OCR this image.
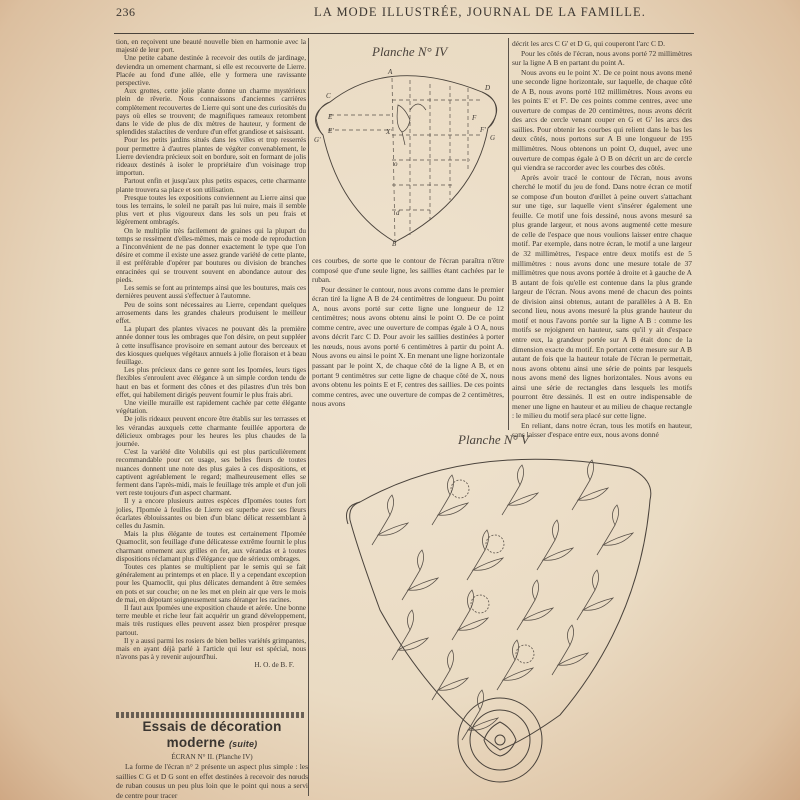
236	LA MODE ILLUSTRÉE, JOURNAL DE LA FAMILLE.

tion, en reçoivent une beauté nouvelle bien en harmonie avec la majesté de leur port.

Une petite cabane destinée à recevoir des outils de jardinage, deviendra un ornement charmant, si elle est recouverte de Lierre. Placée au fond d'une allée, elle y formera une ravissante perspective.

Aux grottes, cette jolie plante donne un charme mystérieux plein de rêverie. Nous connaissons d'anciennes carrières complètement recouvertes de Lierre qui sont une des curiosités du pays où elles se trouvent; de magnifiques rameaux retombent dans le vide de plus de dix mètres de hauteur, y forment de splendides stalactites de verdure d'un effet grandiose et saisissant.

Pour les petits jardins situés dans les villes et trop resserrés pour permettre à d'autres plantes de végéter convenablement, le Lierre deviendra précieux soit en bordure, soit en formant de jolis rideaux destinés à isoler le propriétaire d'un voisinage trop importun.

Partout enfin et jusqu'aux plus petits espaces, cette charmante plante trouvera sa place et son utilisation.

Presque toutes les expositions conviennent au Lierre ainsi que tous les terrains, le soleil ne paraît pas lui nuire, mais il semble plus vert et plus vigoureux dans les sols un peu frais et légèrement ombragés.

On le multiplie très facilement de graines qui la plupart du temps se ressèment d'elles-mêmes, mais ce mode de reproduction a l'inconvénient de ne pas donner exactement le type que l'on désire et comme il existe une assez grande variété de cette plante, il est préférable d'opérer par boutures ou division de branches enracinées qui se trouvent souvent en abondance autour des pieds.

Les semis se font au printemps ainsi que les boutures, mais ces dernières peuvent aussi s'effectuer à l'automne.

Peu de soins sont nécessaires au Lierre, cependant quelques arrosements dans les grandes chaleurs produisent le meilleur effet.

La plupart des plantes vivaces ne pouvant dès la première année donner tous les ombrages que l'on désire, on peut suppléer à cette insuffisance provisoire en semant autour des berceaux et des kiosques quelques végétaux annuels à jolie floraison et à beau feuillage.

Les plus précieux dans ce genre sont les Ipomées, leurs tiges flexibles s'enroulent avec élégance à un simple cordon tendu de haut en bas et forment des cônes et des pilastres d'un très bon effet, qui habilement dirigés peuvent fournir le plus frais abri.

Une vieille muraille est rapidement cachée par cette élégante végétation.

De jolis rideaux peuvent encore être établis sur les terrasses et les vérandas auxquels cette charmante feuillée apportera de délicieux ombrages pour les heures les plus chaudes de la journée.

C'est la variété dite Volubilis qui est plus particulièrement recommandable pour cet usage, ses belles fleurs de toutes nuances donnent une note des plus gaies à ces dispositions, et captivent agréablement le regard; malheureusement elles se ferment dans l'après-midi, mais le feuillage très ample et d'un joli vert reste toujours d'un aspect charmant.

Il y a encore plusieurs autres espèces d'Ipomées toutes fort jolies, l'Ipomée à feuilles de Lierre est superbe avec ses fleurs écarlates éblouissantes ou bien d'un blanc délicat ressemblant à celles du Jasmin.

Mais la plus élégante de toutes est certainement l'Ipomée Quamoclit, son feuillage d'une délicatesse extrême fournit le plus charmant ornement aux grilles en fer, aux vérandas et à toutes dispositions réclamant plus d'élégance que de sérieux ombrages.

Toutes ces plantes se multiplient par le semis qui se fait généralement au printemps et en place. Il y a cependant exception pour les Quamoclit, qui plus délicates demandent à être semées en pots et sur couche; on ne les met en plein air que vers le mois de mai, en dépotant soigneusement sans déranger les racines.

Il faut aux Ipomées une exposition chaude et aérée. Une bonne terre meuble et riche leur fait acquérir un grand développement, mais très rustiques elles peuvent assez bien prospérer presque partout.

Il y a aussi parmi les rosiers de bien belles variétés grimpantes, mais en ayant déjà parlé à l'article qui leur est spécial, nous n'avons pas à y revenir aujourd'hui.

H. O. de B. F.
Essais de décoration moderne (suite)
ÉCRAN N° II. (Planche IV)

La forme de l'écran n° 2 présente un aspect plus simple : les saillies C G et D G sont en effet destinées à recevoir des nœuds de ruban cousus un peu plus loin que le point qui nous a servi de centre pour tracer

ces courbes, de sorte que le contour de l'écran paraîtra n'être composé que d'une seule ligne, les saillies étant cachées par le ruban.

Pour dessiner le contour, nous avons comme dans le premier écran tiré la ligne A B de 24 centimètres de longueur. Du point A, nous avons porté sur cette ligne une longueur de 12 centimètres; nous avons obtenu ainsi le point O. De ce point comme centre, avec une ouverture de compas égale à O A, nous avons décrit l'arc C D. Pour avoir les saillies destinées à porter les nœuds, nous avons porté 6 centimètres à partir du point A. Nous avons eu ainsi le point X. En menant une ligne horizontale passant par le point X, de chaque côté de la ligne A B, et en portant 9 centimètres sur cette ligne de chaque côté de X, nous avons obtenu les points E et F, centres des saillies. De ces points comme centres, avec une ouverture de compas de 2 centimètres, nous avons

décrit les arcs C G' et D G, qui couperont l'arc C D.

Pour les côtés de l'écran, nous avons porté 72 millimètres sur la ligne A B en partant du point A.

Nous avons eu le point X'. De ce point nous avons mené une seconde ligne horizontale, sur laquelle, de chaque côté de A B, nous avons porté 102 millimètres. Nous avons eu les points E' et F'. De ces points comme centres, avec une ouverture de compas de 20 centimètres, nous avons décrit des arcs de cercle venant couper en G et G' les arcs des saillies. Pour obtenir les courbes qui relient dans le bas les deux côtés, nous portons sur A B une longueur de 195 millimètres. Nous obtenons un point O, duquel, avec une ouverture de compas égale à O B on décrit un arc de cercle qui viendra se raccorder avec les courbes des côtés.

Après avoir tracé le contour de l'écran, nous avons cherché le motif du jeu de fond. Dans notre écran ce motif se compose d'un bouton d'œillet à peine ouvert s'attachant sur une tige, sur laquelle vient s'insérer également une feuille. Ce motif une fois dessiné, nous avons mesuré sa plus grande largeur, et nous avons augmenté cette mesure de celle de l'espace que nous voulions laisser entre chaque motif. Par exemple, dans notre écran, le motif a une largeur de 32 millimètres, l'espace entre deux motifs est de 5 millimètres : nous avons donc une mesure totale de 37 millimètres que nous avons portée à droite et à gauche de A B autant de fois qu'elle est contenue dans la plus grande largeur de l'écran. Nous avons mené de chacun des points de division ainsi obtenus, autant de parallèles à A B. En second lieu, nous avons mesuré la plus grande hauteur du motif et nous l'avons portée sur la ligne A B : comme les motifs se rejoignent en hauteur, sans qu'il y ait d'espace entre eux, la grandeur portée sur A B était donc de la dimension exacte du motif. En portant cette mesure sur A B autant de fois que la hauteur totale de l'écran le permettait, nous avons obtenu ainsi une série de points par lesquels nous avons mené des lignes horizontales. Nous avons eu ainsi une série de rectangles dans lesquels les motifs pourront être dessinés. Il est en outre indispensable de mener une ligne en hauteur et au milieu de chaque rectangle : le milieu du motif sera placé sur cette ligne.

En reliant, dans notre écran, tous les motifs en hauteur, sans laisser d'espace entre eux, nous avons donné

Planche N° IV
A
C
D
E	F
E'	F'
G'	G
X
o
d
B
Planche N° V
